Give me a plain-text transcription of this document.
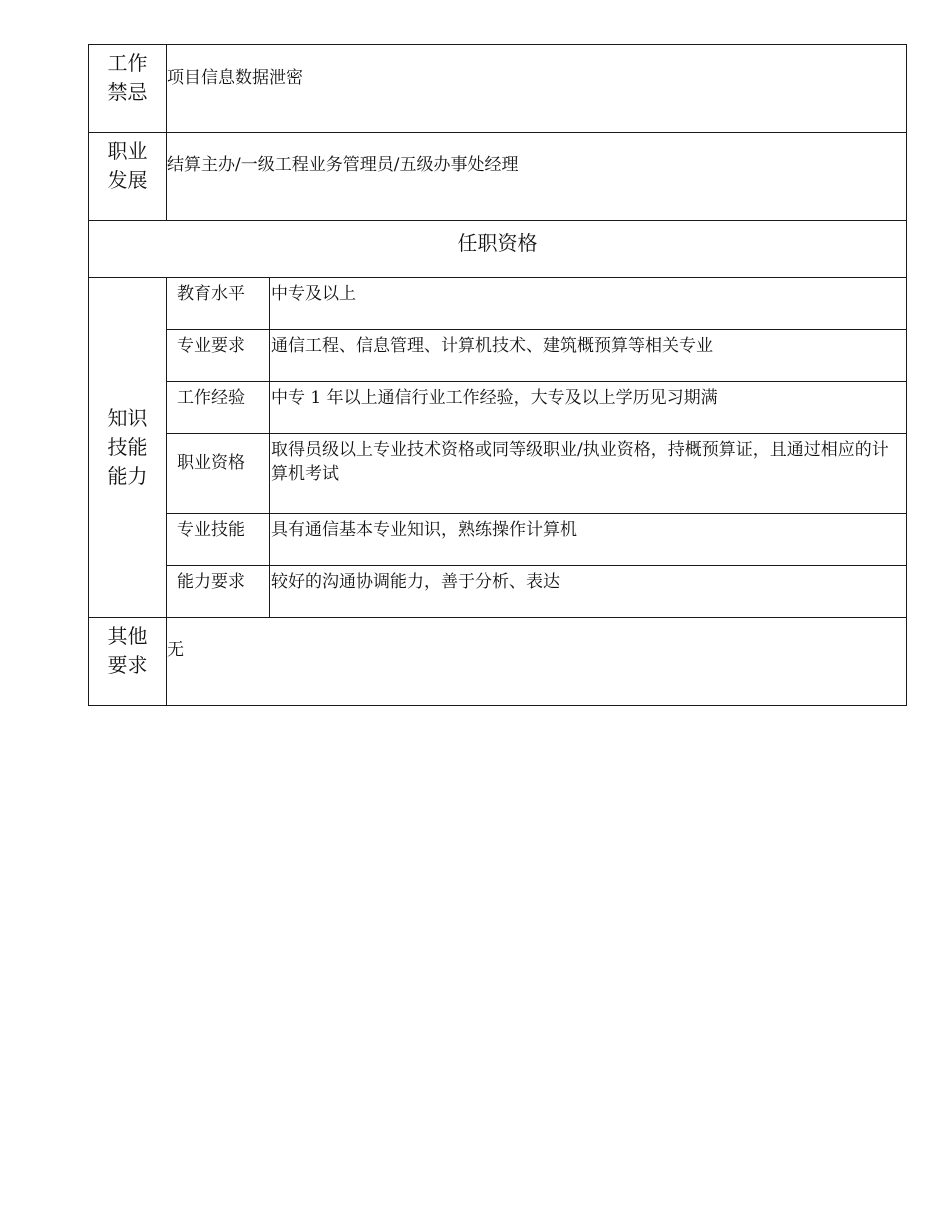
工作
禁忌	项目信息数据泄密	

职业
发展	结算主办/一级工程业务管理员/五级办事处经理	
任职资格		

知识
技能
能力	教育水平	中专及以上
	专业要求	通信工程、信息管理、计算机技术、建筑概预算等相关专业
	工作经验	中专 1 年以上通信行业工作经验，大专及以上学历见习期满
	职业资格	取得员级以上专业技术资格或同等级职业/执业资格，持概预算证，且通过相应的计算机考试
	专业技能	具有通信基本专业知识，熟练操作计算机
	能力要求	较好的沟通协调能力，善于分析、表达

其他
要求	无	
